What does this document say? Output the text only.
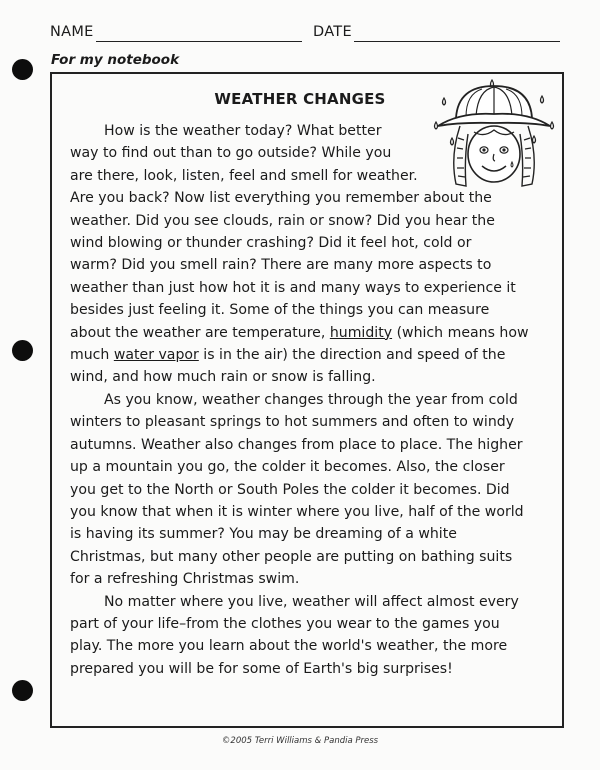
NAME	DATE
For my notebook
WEATHER CHANGES

How is the weather today? What better
way to find out than to go outside? While you
are there, look, listen, feel and smell for weather.
Are you back? Now list everything you remember about the
weather. Did you see clouds, rain or snow? Did you hear the
wind blowing or thunder crashing? Did it feel hot, cold or
warm? Did you smell rain? There are many more aspects to
weather than just how hot it is and many ways to experience it
besides just feeling it. Some of the things you can measure
about the weather are temperature, humidity (which means how
much water vapor is in the air) the direction and speed of the
wind, and how much rain or snow is falling.

As you know, weather changes through the year from cold
winters to pleasant springs to hot summers and often to windy
autumns. Weather also changes from place to place. The higher
up a mountain you go, the colder it becomes. Also, the closer
you get to the North or South Poles the colder it becomes. Did
you know that when it is winter where you live, half of the world
is having its summer? You may be dreaming of a white
Christmas, but many other people are putting on bathing suits
for a refreshing Christmas swim.

No matter where you live, weather will affect almost every
part of your life–from the clothes you wear to the games you
play. The more you learn about the world's weather, the more
prepared you will be for some of Earth's big surprises!

©2005 Terri Williams & Pandia Press
